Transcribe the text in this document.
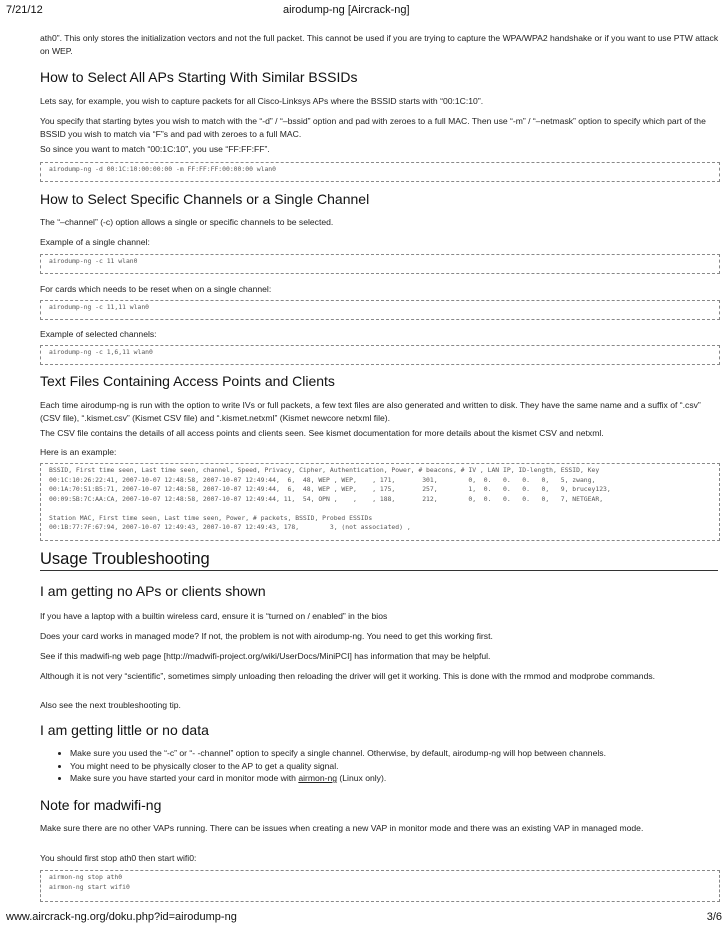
7/21/12	airodump-ng [Aircrack-ng]

ath0”. This only stores the initialization vectors and not the full packet. This cannot be used if you are trying to capture the WPA/WPA2 handshake or if you want to use PTW attack on WEP.

How to Select All APs Starting With Similar BSSIDs

Lets say, for example, you wish to capture packets for all Cisco-Linksys APs where the BSSID starts with “00:1C:10”.

You specify that starting bytes you wish to match with the “-d” / “–bssid” option and pad with zeroes to a full MAC. Then use “-m” / “–netmask” option to specify which part of the BSSID you wish to match via “F”s and pad with zeroes to a full MAC.

So since you want to match “00:1C:10”, you use “FF:FF:FF”.

airodump-ng -d 00:1C:10:00:00:00 -m FF:FF:FF:00:00:00 wlan0
How to Select Specific Channels or a Single Channel

The “–channel” (-c) option allows a single or specific channels to be selected.

Example of a single channel:

airodump-ng -c 11 wlan0

For cards which needs to be reset when on a single channel:

airodump-ng -c 11,11 wlan0

Example of selected channels:

airodump-ng -c 1,6,11 wlan0
Text Files Containing Access Points and Clients

Each time airodump-ng is run with the option to write IVs or full packets, a few text files are also generated and written to disk. They have the same name and a suffix of “.csv” (CSV file), “.kismet.csv” (Kismet CSV file) and “.kismet.netxml” (Kismet newcore netxml file).

The CSV file contains the details of all access points and clients seen. See kismet documentation for more details about the kismet CSV and netxml.

Here is an example:

BSSID, First time seen, Last time seen, channel, Speed, Privacy, Cipher, Authentication, Power, # beacons, # IV , LAN IP, ID-length, ESSID, Key
00:1C:10:26:22:41, 2007-10-07 12:48:58, 2007-10-07 12:49:44,  6,  48, WEP , WEP,    , 171,       301,        0,  0.   0.   0.   0,   5, zwang,
00:1A:70:51:B5:71, 2007-10-07 12:48:58, 2007-10-07 12:49:44,  6,  48, WEP , WEP,    , 175,       257,        1,  0.   0.   0.   0,   9, brucey123,
00:09:5B:7C:AA:CA, 2007-10-07 12:48:58, 2007-10-07 12:49:44, 11,  54, OPN ,    ,    , 188,       212,        0,  0.   0.   0.   0,   7, NETGEAR,

Station MAC, First time seen, Last time seen, Power, # packets, BSSID, Probed ESSIDs
00:1B:77:7F:67:94, 2007-10-07 12:49:43, 2007-10-07 12:49:43, 178,        3, (not associated) ,
Usage Troubleshooting
I am getting no APs or clients shown

If you have a laptop with a builtin wireless card, ensure it is “turned on / enabled” in the bios

Does your card works in managed mode? If not, the problem is not with airodump-ng. You need to get this working first.

See if this madwifi-ng web page [http://madwifi-project.org/wiki/UserDocs/MiniPCI] has information that may be helpful.

Although it is not very “scientific”, sometimes simply unloading then reloading the driver will get it working. This is done with the rmmod and modprobe commands.

Also see the next troubleshooting tip.

I am getting little or no data
• Make sure you used the “-c” or “- -channel” option to specify a single channel. Otherwise, by default, airodump-ng will hop between channels.
• You might need to be physically closer to the AP to get a quality signal.
• Make sure you have started your card in monitor mode with airmon-ng (Linux only).
Note for madwifi-ng

Make sure there are no other VAPs running. There can be issues when creating a new VAP in monitor mode and there was an existing VAP in managed mode.

You should first stop ath0 then start wifi0:

airmon-ng stop ath0
airmon-ng start wifi0
www.aircrack-ng.org/doku.php?id=airodump-ng	3/6
